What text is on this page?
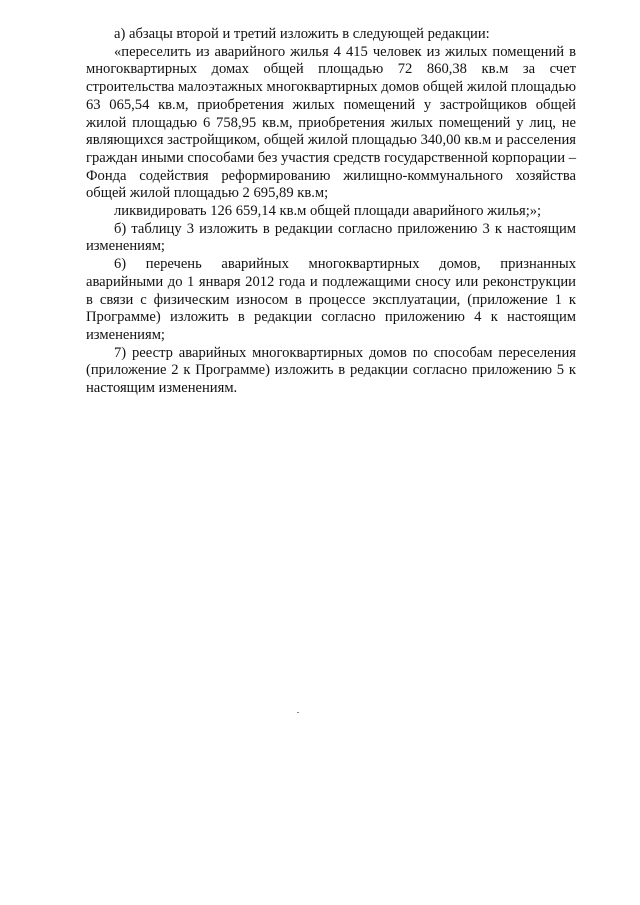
а) абзацы второй и третий изложить в следующей редакции:

«переселить из аварийного жилья 4 415 человек из жилых помещений в многоквартирных домах общей площадью 72 860,38 кв.м за счет строительства малоэтажных многоквартирных домов общей жилой площадью 63 065,54 кв.м, приобретения жилых помещений у застройщиков общей жилой площадью 6 758,95 кв.м, приобретения жилых помещений у лиц, не являющихся застройщиком, общей жилой площадью 340,00 кв.м и расселения граждан иными способами без участия средств государственной корпорации – Фонда содействия реформированию жилищно-коммунального хозяйства общей жилой площадью 2 695,89 кв.м;

ликвидировать 126 659,14 кв.м общей площади аварийного жилья;»;

б) таблицу 3 изложить в редакции согласно приложению 3 к настоящим изменениям;

6) перечень аварийных многоквартирных домов, признанных аварийными до 1 января 2012 года и подлежащими сносу или реконструкции в связи с физическим износом в процессе эксплуатации, (приложение 1 к Программе) изложить в редакции согласно приложению 4 к настоящим изменениям;

7) реестр аварийных многоквартирных домов по способам переселения (приложение 2 к Программе) изложить в редакции согласно приложению 5 к настоящим изменениям.
